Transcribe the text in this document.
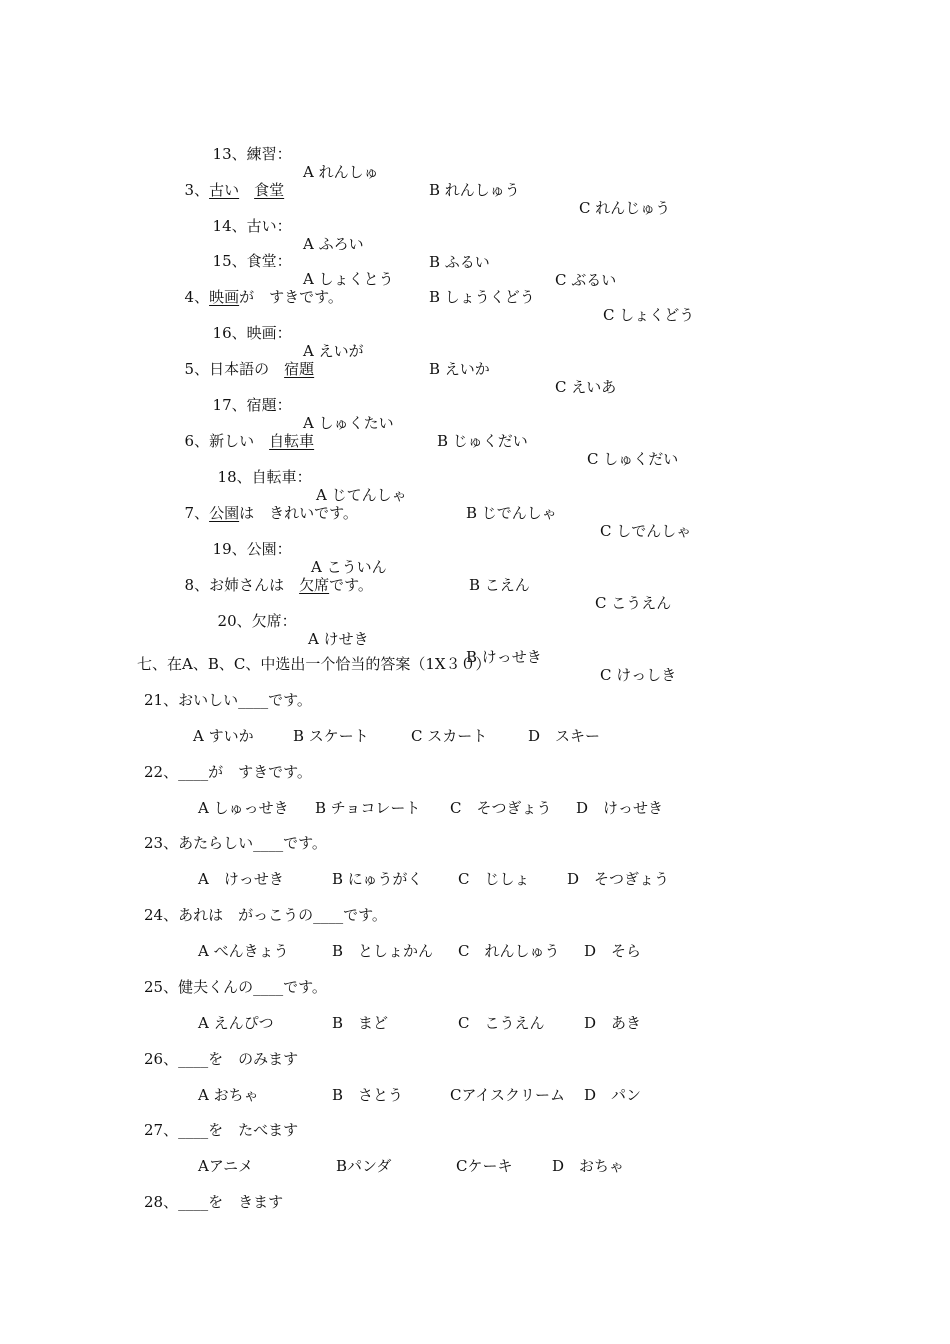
13、練習：

A れんしゅ

B れんしゅう

C れんじゅう

3、古い　 食堂

14、古い：

A ふろい

B ふるい

C ぶるい

15、食堂：

A しょくとう

B しょうくどう

C しょくどう

4、映画が　すきです。

16、映画：

A えいが

B えいか

C えいあ

5、日本語の　 宿題

17、宿題：

A しゅくたい

B じゅくだい

C しゅくだい

6、新しい　 自転車

18、自転車：

A じてんしゃ

B じでんしゃ

C しでんしゃ

7、公園は　きれいです。

19、公園：

A こういん

B こえん

C こうえん

8、お姉さんは　 欠席です。

20、欠席：

A けせき

B けっせき

C けっしき

七、在A、B、C、中选出一个恰当的答案（1X３０）
21、おいしい____です。
A すいか	B スケート	C スカート	D　スキー
22、____が　すきです。
A しゅっせき B チョコレート C　そつぎょう D　けっせき
23、あたらしい____です。
A　けっせき	B にゅうがく C　じしょ	D　そつぎょう
24、あれは　がっこうの____です。
A べんきょう	B　としょかん C　れんしゅう D　そら
25、健夫くんの____です。
A えんぴつ	B　まど	C　こうえん	D　あき
26、____を　のみます
A おちゃ	B　さとう	Cアイスクリーム D　パン
27、____を　たべます
Aアニメ	Bパンダ	Cケーキ	D　おちゃ
28、____を　きます
